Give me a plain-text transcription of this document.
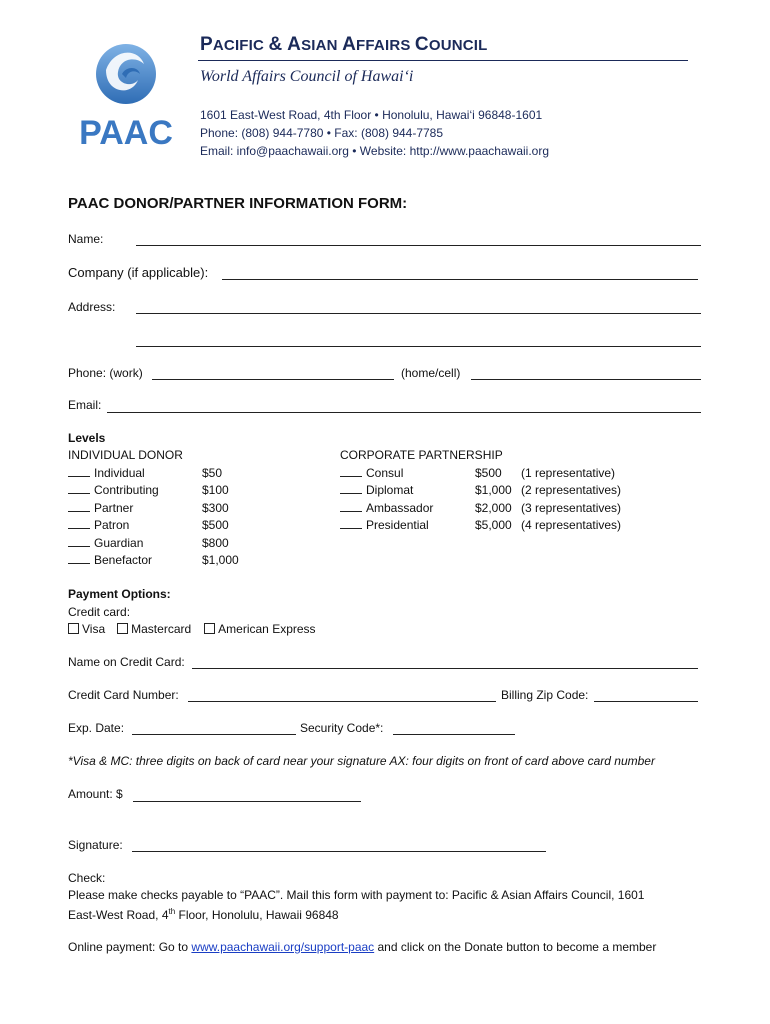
PAAC
PACIFIC & ASIAN AFFAIRS COUNCIL
World Affairs Council of Hawai‘i
1601 East-West Road, 4th Floor • Honolulu, Hawai‘i 96848-1601
Phone: (808) 944-7780 • Fax: (808) 944-7785
Email: info@paachawaii.org • Website: http://www.paachawaii.org
PAAC DONOR/PARTNER INFORMATION FORM:
Name:
Company (if applicable):
Address:
Phone: (work)	(home/cell)
Email:
Levels
INDIVIDUAL DONOR
Individual	$50
Contributing	$100
Partner	$300
Patron	$500
Guardian	$800
Benefactor	$1,000
CORPORATE PARTNERSHIP
Consul	$500 (1 representative)
Diplomat	$1,000 (2 representatives)
Ambassador	$2,000 (3 representatives)
Presidential	$5,000 (4 representatives)
Payment Options:
Credit card:
Visa Mastercard American Express
Name on Credit Card:
Credit Card Number:	Billing Zip Code:
Exp. Date:	Security Code*:
*Visa & MC: three digits on back of card near your signature AX: four digits on front of card above card number
Amount: $
Signature:
Check:
Please make checks payable to “PAAC”. Mail this form with payment to: Pacific & Asian Affairs Council, 1601
East-West Road, 4th Floor, Honolulu, Hawaii 96848
Online payment: Go to www.paachawaii.org/support-paac and click on the Donate button to become a member
